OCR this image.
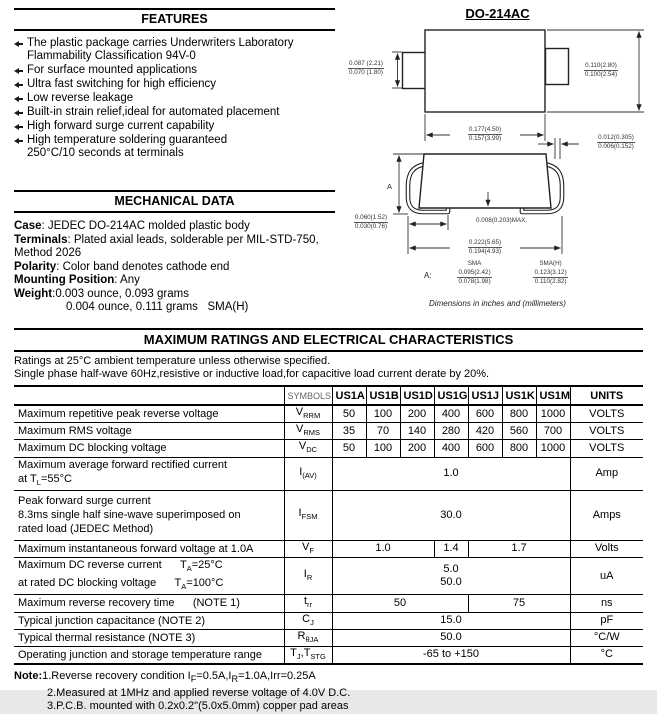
FEATURES
The plastic package carries Underwriters Laboratory
Flammability Classification 94V-0
For surface mounted applications
Ultra fast switching for high efficiency
Low reverse leakage
Built-in strain relief,ideal for automated placement
High forward surge current capability
High temperature soldering guaranteed
250°C/10 seconds at terminals
MECHANICAL DATA
Case: JEDEC DO-214AC molded plastic body
Terminals: Plated axial leads, solderable per MIL-STD-750,
Method 2026
Polarity: Color band denotes cathode end
Mounting Position: Any
Weight:0.003 ounce, 0.093 grams
0.004 ounce, 0.111 grams   SMA(H)
DO-214AC
A
0.087 (2.21)
0.070 (1.80)
0.110(2.80)
0.100(2.54)
0.177(4.50)
0.157(3.99)	0.012(0.305)
0.006(0.152)
0.060(1.52)
0.030(0.76)
0.008(0.203)MAX.
0.222(5.65)
0.194(4.93)
A:
SMA
0.095(2.42)
0.078(1.98)
SMA(H)
0.123(3.12)
0.110(2.82)
Dimensions in inches and (millimeters)
MAXIMUM RATINGS AND ELECTRICAL CHARACTERISTICS
Ratings at 25°C ambient temperature unless otherwise specified.
Single phase half-wave 60Hz,resistive or inductive load,for capacitive load current derate by 20%.
	SYMBOLS	US1A	US1B	US1D	US1G	US1J	US1K	US1M	UNITS
Maximum repetitive peak reverse voltage	$V_{RRM}$	50	100	200	400	600	800	1000	VOLTS
Maximum RMS voltage	$V_{RMS}$	35	70	140	280	420	560	700	VOLTS
Maximum DC blocking voltage	$V_{DC}$	50	100	200	400	600	800	1000	VOLTS
Maximum average forward rectified current
at $T_L=55^\circ C$	$I_{(AV)}$	1.0							Amp
Peak forward surge current
8.3ms single half sine-wave superimposed on
rated load (JEDEC Method)	$I_{FSM}$	30.0							Amps
Maximum instantaneous forward voltage at 1.0A	$V_F$	1.0			1.4	1.7			Volts
Maximum DC reverse current      $T_A=25^\circ C$
at rated DC blocking voltage      $T_A=100^\circ C$	$I_R$	5.0
50.0							uA
Maximum reverse recovery time      (NOTE 1)	$t_{rr}$	50				75			ns
Typical junction capacitance (NOTE 2)	$C_J$	15.0							pF
Typical thermal resistance (NOTE 3)	$R_{\theta JA}$	50.0							°C/W
Operating junction and storage temperature range	$T_J,T_{STG}$	-65 to +150							°C
Note:1.Reverse recovery condition $I_F=0.5A,I_R=1.0A,Irr=0.25A$
2.Measured at 1MHz and applied reverse voltage of 4.0V D.C.
3.P.C.B. mounted with 0.2x0.2"(5.0x5.0mm) copper pad areas
